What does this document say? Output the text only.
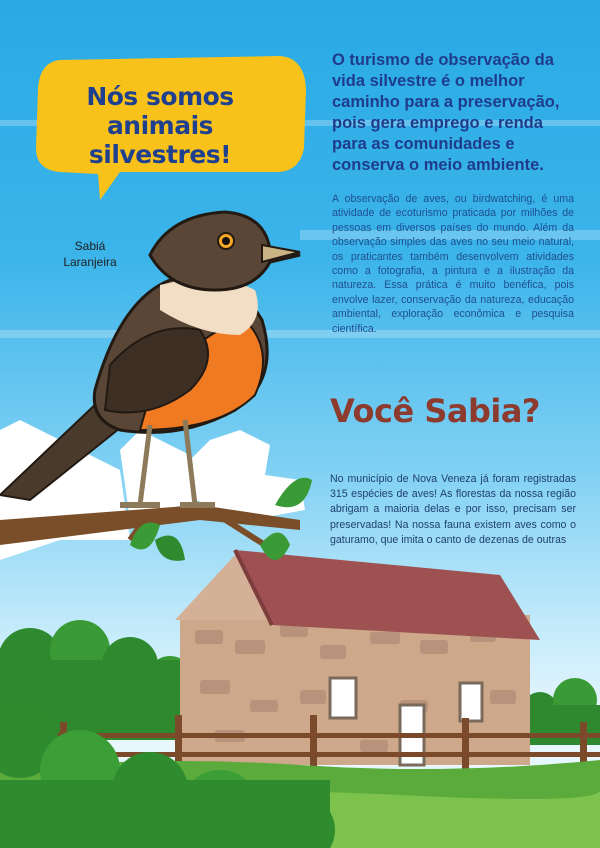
Nós somos animais silvestres!

O turismo de observação da vida silvestre é o melhor caminho para a preservação, pois gera emprego e renda para as comunidades e conserva o meio ambiente.

A observação de aves, ou birdwatching, é uma atividade de ecoturismo praticada por milhões de pessoas em diversos países do mundo. Além da observação simples das aves no seu meio natural, os praticantes também desenvolvem atividades como a fotografia, a pintura e a ilustração da natureza. Essa prática é muito benéfica, pois envolve lazer, conservação da natureza, educação ambiental, exploração econômica e pesquisa científica.

Sabiá Laranjeira
Você Sabia?

No município de Nova Veneza já foram registradas 315 espécies de aves! As florestas da nossa região abrigam a maioria delas e por isso, precisam ser preservadas! Na nossa fauna existem aves como o gaturamo, que imita o canto de dezenas de outras
